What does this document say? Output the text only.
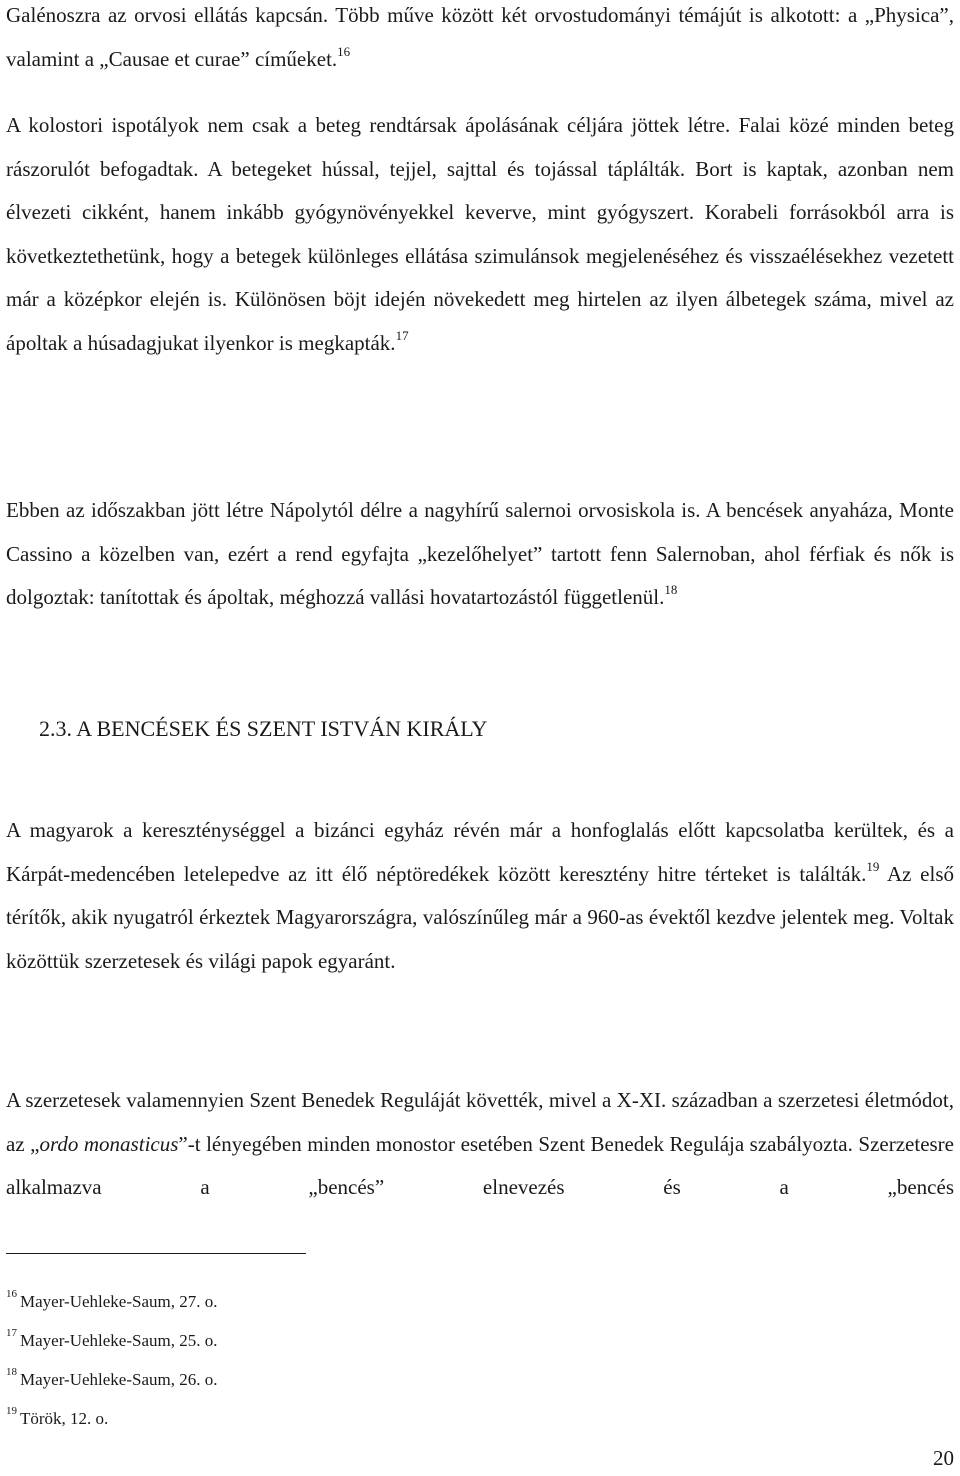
Galénoszra az orvosi ellátás kapcsán. Több műve között két orvostudományi témájút is alkotott: a „Physica”, valamint a „Causae et curae” címűeket.$^{16}$

A kolostori ispotályok nem csak a beteg rendtársak ápolásának céljára jöttek létre. Falai közé minden beteg rászorulót befogadtak. A betegeket hússal, tejjel, sajttal és tojással táplálták. Bort is kaptak, azonban nem élvezeti cikként, hanem inkább gyógynövényekkel keverve, mint gyógyszert. Korabeli forrásokból arra is következtethetünk, hogy a betegek különleges ellátása szimulánsok megjelenéséhez és visszaélésekhez vezetett már a középkor elején is. Különösen böjt idején növekedett meg hirtelen az ilyen álbetegek száma, mivel az ápoltak a húsadagjukat ilyenkor is megkapták.$^{17}$

Ebben az időszakban jött létre Nápolytól délre a nagyhírű salernoi orvosiskola is. A bencések anyaháza, Monte Cassino a közelben van, ezért a rend egyfajta „kezelőhelyet” tartott fenn Salernoban, ahol férfiak és nők is dolgoztak: tanítottak és ápoltak, méghozzá vallási hovatartozástól függetlenül.$^{18}$

2.3. A BENCÉSEK ÉS SZENT ISTVÁN KIRÁLY

A magyarok a kereszténységgel a bizánci egyház révén már a honfoglalás előtt kapcsolatba kerültek, és a Kárpát-medencében letelepedve az itt élő néptöredékek között keresztény hitre térteket is találták.$^{19}$ Az első térítők, akik nyugatról érkeztek Magyarországra, valószínűleg már a 960-as évektől kezdve jelentek meg. Voltak közöttük szerzetesek és világi papok egyaránt.

A szerzetesek valamennyien Szent Benedek Reguláját követték, mivel a X-XI. században a szerzetesi életmódot, az „ordo monasticus”-t lényegében minden monostor esetében Szent Benedek Regulája szabályozta. Szerzetesre alkalmazva a „bencés” elnevezés és a „bencés

$^{16}$ Mayer-Uehleke-Saum, 27. o.

$^{17}$ Mayer-Uehleke-Saum, 25. o.

$^{18}$ Mayer-Uehleke-Saum, 26. o.

$^{19}$ Török, 12. o.

20
